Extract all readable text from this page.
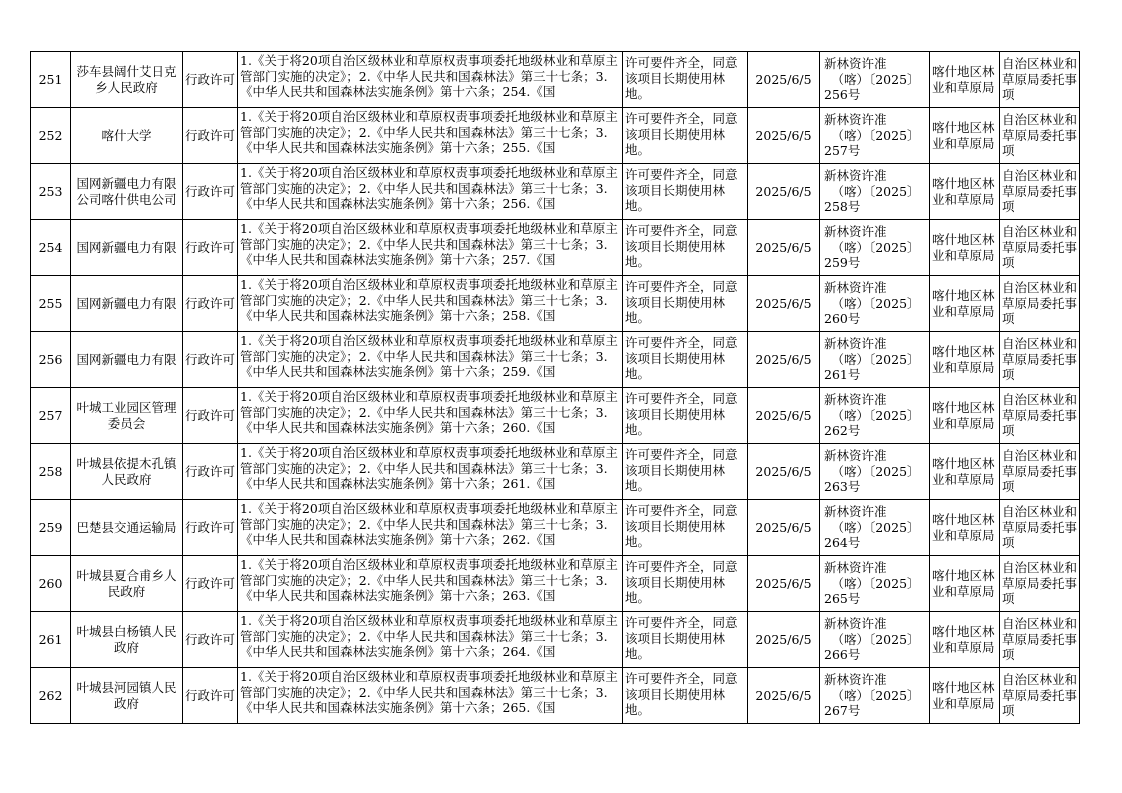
251	莎车县阔什艾日克乡人民政府	行政许可	1.《关于将20项自治区级林业和草原权责事项委托地级林业和草原主管部门实施的决定》；2.《中华人民共和国森林法》第三十七条；3.《中华人民共和国森林法实施条例》第十六条；254.《国	许可要件齐全，同意该项目长期使用林地。	2025/6/5	新林资许准
（喀）〔2025〕
256号	喀什地区林业和草原局	自治区林业和草原局委托事项
252	喀什大学	行政许可	1.《关于将20项自治区级林业和草原权责事项委托地级林业和草原主管部门实施的决定》；2.《中华人民共和国森林法》第三十七条；3.《中华人民共和国森林法实施条例》第十六条；255.《国	许可要件齐全，同意该项目长期使用林地。	2025/6/5	新林资许准
（喀）〔2025〕
257号	喀什地区林业和草原局	自治区林业和草原局委托事项
253	国网新疆电力有限公司喀什供电公司	行政许可	1.《关于将20项自治区级林业和草原权责事项委托地级林业和草原主管部门实施的决定》；2.《中华人民共和国森林法》第三十七条；3.《中华人民共和国森林法实施条例》第十六条；256.《国	许可要件齐全，同意该项目长期使用林地。	2025/6/5	新林资许准
（喀）〔2025〕
258号	喀什地区林业和草原局	自治区林业和草原局委托事项
254	国网新疆电力有限	行政许可	1.《关于将20项自治区级林业和草原权责事项委托地级林业和草原主管部门实施的决定》；2.《中华人民共和国森林法》第三十七条；3.《中华人民共和国森林法实施条例》第十六条；257.《国	许可要件齐全，同意该项目长期使用林地。	2025/6/5	新林资许准
（喀）〔2025〕
259号	喀什地区林业和草原局	自治区林业和草原局委托事项
255	国网新疆电力有限	行政许可	1.《关于将20项自治区级林业和草原权责事项委托地级林业和草原主管部门实施的决定》；2.《中华人民共和国森林法》第三十七条；3.《中华人民共和国森林法实施条例》第十六条；258.《国	许可要件齐全，同意该项目长期使用林地。	2025/6/5	新林资许准
（喀）〔2025〕
260号	喀什地区林业和草原局	自治区林业和草原局委托事项
256	国网新疆电力有限	行政许可	1.《关于将20项自治区级林业和草原权责事项委托地级林业和草原主管部门实施的决定》；2.《中华人民共和国森林法》第三十七条；3.《中华人民共和国森林法实施条例》第十六条；259.《国	许可要件齐全，同意该项目长期使用林地。	2025/6/5	新林资许准
（喀）〔2025〕
261号	喀什地区林业和草原局	自治区林业和草原局委托事项
257	叶城工业园区管理委员会	行政许可	1.《关于将20项自治区级林业和草原权责事项委托地级林业和草原主管部门实施的决定》；2.《中华人民共和国森林法》第三十七条；3.《中华人民共和国森林法实施条例》第十六条；260.《国	许可要件齐全，同意该项目长期使用林地。	2025/6/5	新林资许准
（喀）〔2025〕
262号	喀什地区林业和草原局	自治区林业和草原局委托事项
258	叶城县依提木孔镇人民政府	行政许可	1.《关于将20项自治区级林业和草原权责事项委托地级林业和草原主管部门实施的决定》；2.《中华人民共和国森林法》第三十七条；3.《中华人民共和国森林法实施条例》第十六条；261.《国	许可要件齐全，同意该项目长期使用林地。	2025/6/5	新林资许准
（喀）〔2025〕
263号	喀什地区林业和草原局	自治区林业和草原局委托事项
259	巴楚县交通运输局	行政许可	1.《关于将20项自治区级林业和草原权责事项委托地级林业和草原主管部门实施的决定》；2.《中华人民共和国森林法》第三十七条；3.《中华人民共和国森林法实施条例》第十六条；262.《国	许可要件齐全，同意该项目长期使用林地。	2025/6/5	新林资许准
（喀）〔2025〕
264号	喀什地区林业和草原局	自治区林业和草原局委托事项
260	叶城县夏合甫乡人民政府	行政许可	1.《关于将20项自治区级林业和草原权责事项委托地级林业和草原主管部门实施的决定》；2.《中华人民共和国森林法》第三十七条；3.《中华人民共和国森林法实施条例》第十六条；263.《国	许可要件齐全，同意该项目长期使用林地。	2025/6/5	新林资许准
（喀）〔2025〕
265号	喀什地区林业和草原局	自治区林业和草原局委托事项
261	叶城县白杨镇人民政府	行政许可	1.《关于将20项自治区级林业和草原权责事项委托地级林业和草原主管部门实施的决定》；2.《中华人民共和国森林法》第三十七条；3.《中华人民共和国森林法实施条例》第十六条；264.《国	许可要件齐全，同意该项目长期使用林地。	2025/6/5	新林资许准
（喀）〔2025〕
266号	喀什地区林业和草原局	自治区林业和草原局委托事项
262	叶城县河园镇人民政府	行政许可	1.《关于将20项自治区级林业和草原权责事项委托地级林业和草原主管部门实施的决定》；2.《中华人民共和国森林法》第三十七条；3.《中华人民共和国森林法实施条例》第十六条；265.《国	许可要件齐全，同意该项目长期使用林地。	2025/6/5	新林资许准
（喀）〔2025〕
267号	喀什地区林业和草原局	自治区林业和草原局委托事项
